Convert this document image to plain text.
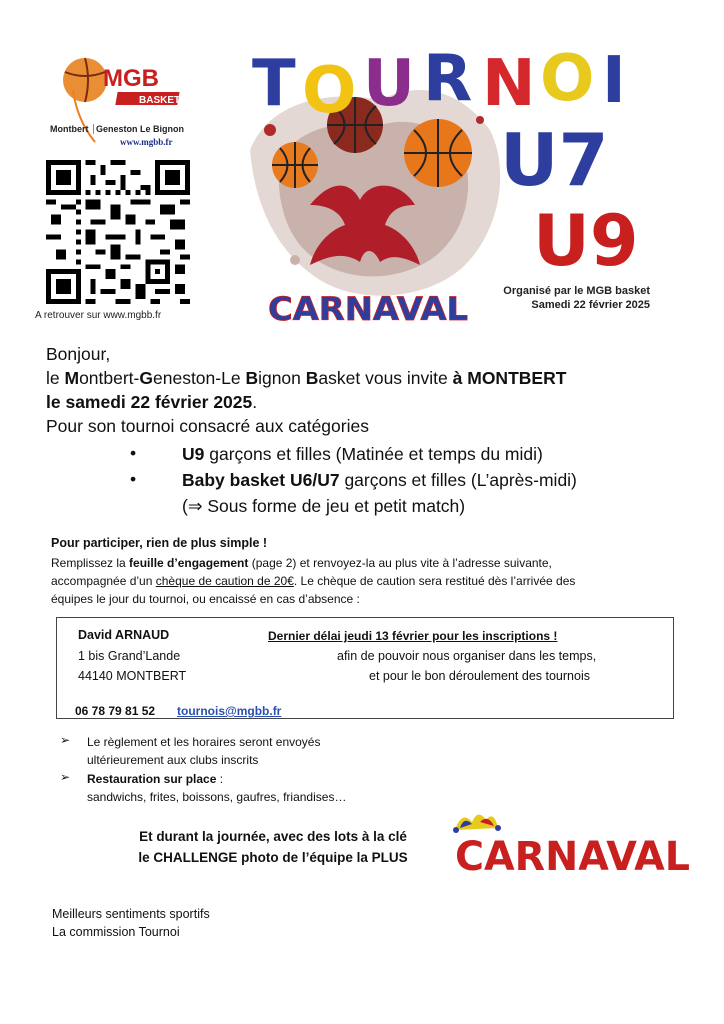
MGB
BASKET
Montbert Geneston Le Bignon
www.mgbb.fr
A retrouver sur www.mgbb.fr
T O U R N O I
U7
U9
CARNAVAL	Organisé par le MGB basket
Samedi 22 février 2025
Bonjour,
le Montbert-Geneston-Le Bignon Basket vous invite à MONTBERT
le samedi 22 février 2025.
Pour son tournoi consacré aux catégories
•	U9 garçons et filles (Matinée et temps du midi)
•	Baby basket U6/U7 garçons et filles (L’après-midi)
(⇒ Sous forme de jeu et petit match)
Pour participer, rien de plus simple !
Remplissez la feuille d’engagement (page 2) et renvoyez-la au plus vite à l’adresse suivante,
accompagnée d’un chèque de caution de 20€. Le chèque de caution sera restitué dès l’arrivée des
équipes le jour du tournoi, ou encaissé en cas d’absence :
David ARNAUD
1 bis Grand’Lande
44140 MONTBERT
06 78 79 81 52 tournois@mgbb.fr
Dernier délai jeudi 13 février pour les inscriptions !
afin de pouvoir nous organiser dans les temps,
et pour le bon déroulement des tournois
➢ Le règlement et les horaires seront envoyés
ultérieurement aux clubs inscrits
➢ Restauration sur place :
sandwichs, frites, boissons, gaufres, friandises…
Et durant la journée, avec des lots à la clé
le CHALLENGE photo de l’équipe la PLUS	CARNAVAL
Meilleurs sentiments sportifs
La commission Tournoi
